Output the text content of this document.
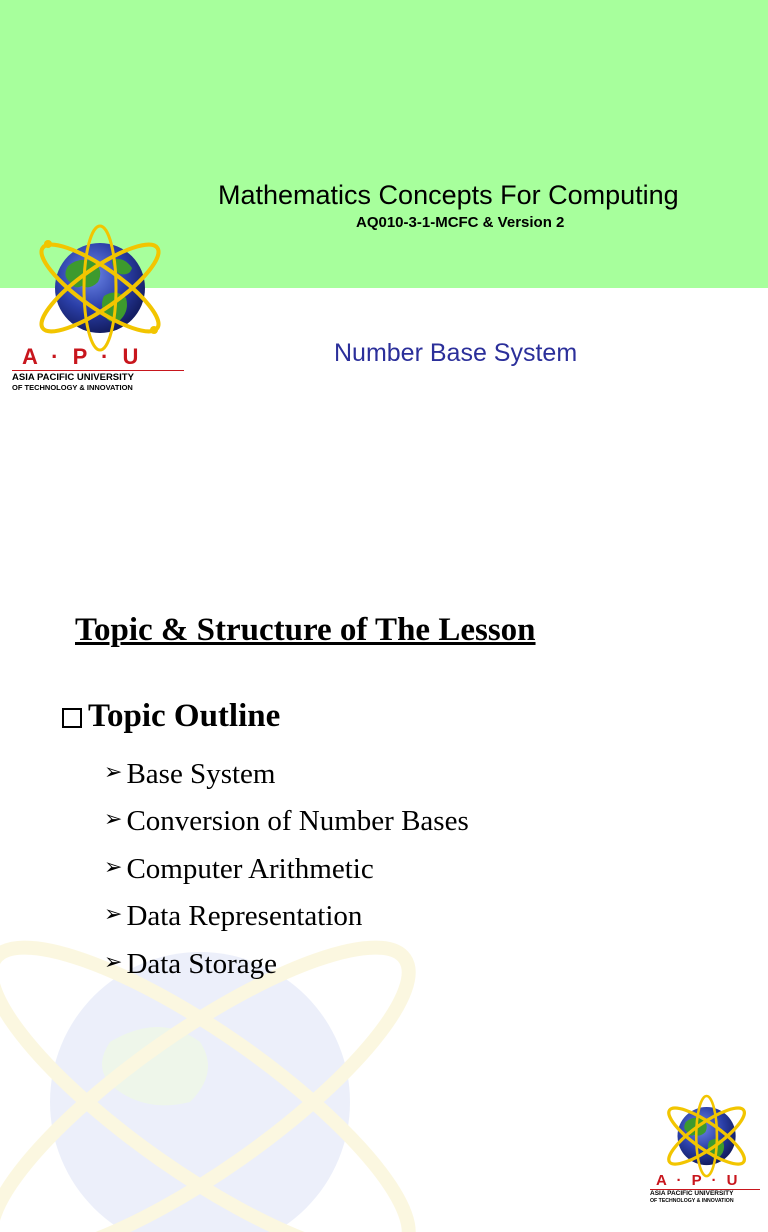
Mathematics Concepts For Computing
AQ010-3-1-MCFC & Version 2
Number Base System
A · P · U
ASIA PACIFIC UNIVERSITY
OF TECHNOLOGY & INNOVATION
Topic & Structure of The Lesson
Topic Outline
➢ Base System
➢ Conversion of Number Bases
➢ Computer Arithmetic
➢ Data Representation
➢ Data Storage
A · P · U
ASIA PACIFIC UNIVERSITY
OF TECHNOLOGY & INNOVATION
